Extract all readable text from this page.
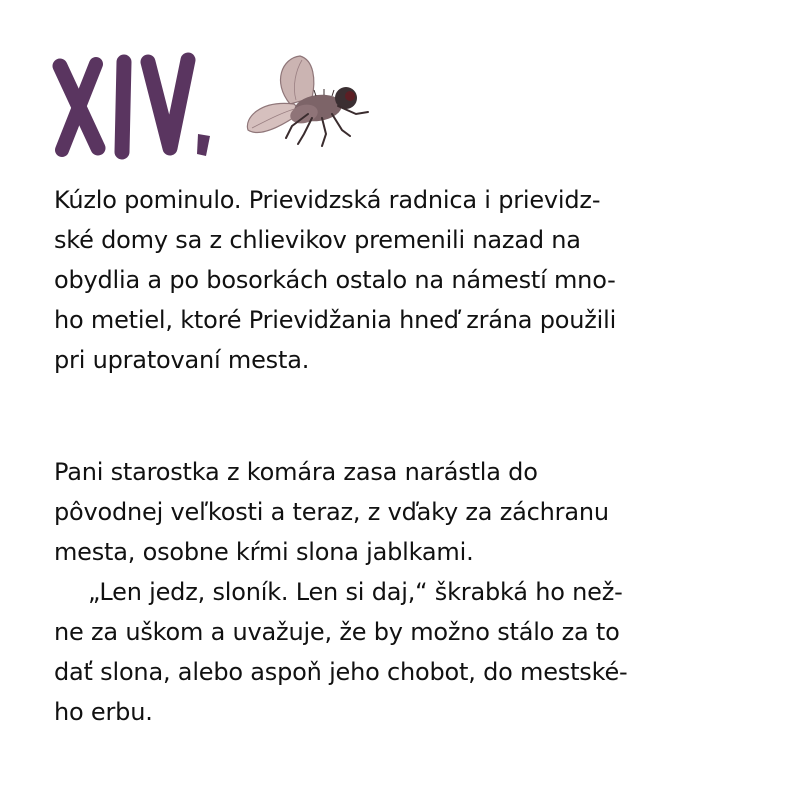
Kúzlo pominulo. Prievidzská radnica i prievidz-
ské domy sa z chlievikov premenili nazad na
obydlia a po bosorkách ostalo na námestí mno-
ho metiel, ktoré Prievidžania hneď zrána použili
pri upratovaní mesta.
Pani starostka z komára zasa narástla do
pôvodnej veľkosti a teraz, z vďaky za záchranu
mesta, osobne kŕmi slona jablkami.
„Len jedz, sloník. Len si daj,“ škrabká ho než-
ne za uškom a uvažuje, že by možno stálo za to
dať slona, alebo aspoň jeho chobot, do mestské-
ho erbu.
